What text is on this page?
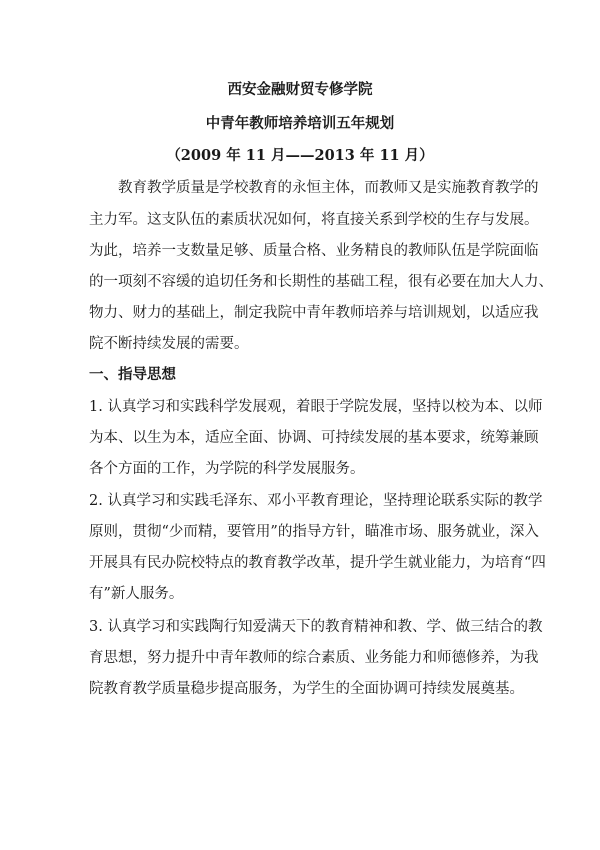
西安金融财贸专修学院
中青年教师培养培训五年规划
（2009 年 11 月——2013 年 11 月）
教育教学质量是学校教育的永恒主体，而教师又是实施教育教学的
主力军。这支队伍的素质状况如何，将直接关系到学校的生存与发展。
为此，培养一支数量足够、质量合格、业务精良的教师队伍是学院面临
的一项刻不容缓的追切任务和长期性的基础工程，很有必要在加大人力、
物力、财力的基础上，制定我院中青年教师培养与培训规划，以适应我
院不断持续发展的需要。
一、指导思想
1. 认真学习和实践科学发展观，着眼于学院发展，坚持以校为本、以师
为本、以生为本，适应全面、协调、可持续发展的基本要求，统筹兼顾
各个方面的工作，为学院的科学发展服务。
2. 认真学习和实践毛泽东、邓小平教育理论，坚持理论联系实际的教学
原则，贯彻“少而精，要管用”的指导方针，瞄准市场、服务就业，深入
开展具有民办院校特点的教育教学改革，提升学生就业能力，为培育“四
有”新人服务。
3. 认真学习和实践陶行知爱满天下的教育精神和教、学、做三结合的教
育思想，努力提升中青年教师的综合素质、业务能力和师德修养，为我
院教育教学质量稳步提高服务，为学生的全面协调可持续发展奠基。
